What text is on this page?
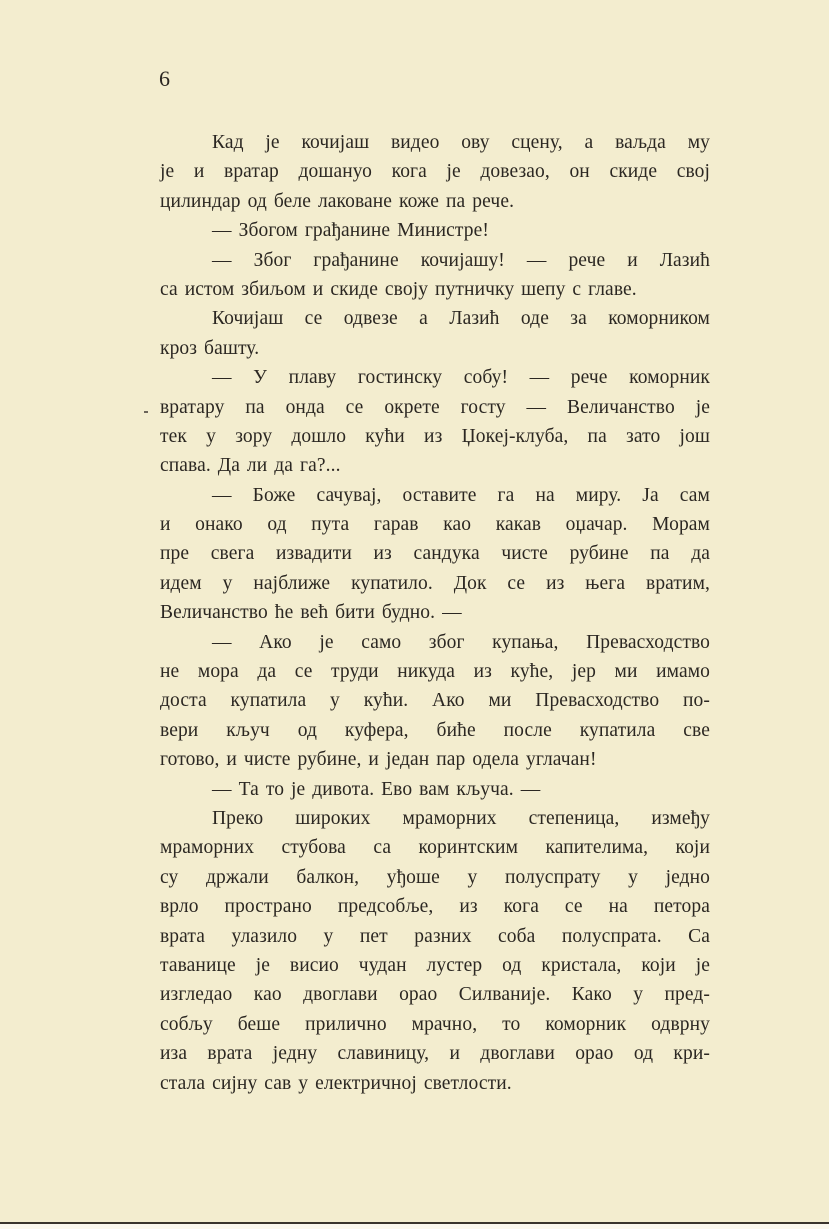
6
Кад је кочијаш видео ову сцену, а ваљда му
је и вратар дошануо кога је довезао, он скиде свој
цилиндар од беле лаковане коже па рече.
— Збогом грађанине Министре!
— Због грађанине кочијашу! — рече и Лазић
са истом збиљом и скиде своју путничку шепу с главе.
Кочијаш се одвезе а Лазић оде за коморником
кроз башту.
— У плаву гостинску собу! — рече коморник
вратару па онда се окрете госту — Величанство је
тек у зору дошло кући из Џокеј-клуба, па зато још
спава. Да ли да га?...
— Боже сачувај, оставите га на миру. Ја сам
и онако од пута гарав као какав оџачар. Морам
пре свега извадити из сандука чисте рубине па да
идем у најближе купатило. Док се из њега вратим,
Величанство ће већ бити будно. —
— Ако је само због купања, Превасходство
не мора да се труди никуда из куће, јер ми имамо
доста купатила у кући. Ако ми Превасходство по-
вери кључ од куфера, биће после купатила све
готово, и чисте рубине, и један пар одела углачан!
— Та то је дивота. Ево вам кључа. —
Преко широких мраморних степеница, између
мраморних стубова са коринтским капителима, који
су држали балкон, уђоше у полуспрату у једно
врло пространo предсобље, из кога се на петора
врата улазило у пет разних соба полуспрата. Са
таванице је висио чудан лустер од кристала, који је
изгледао као двоглави орао Силваније. Како у пред-
собљу беше прилично мрачно, то коморник одврну
иза врата једну славиницу, и двоглави орао од кри-
стала сијну сав у електричној светлости.
